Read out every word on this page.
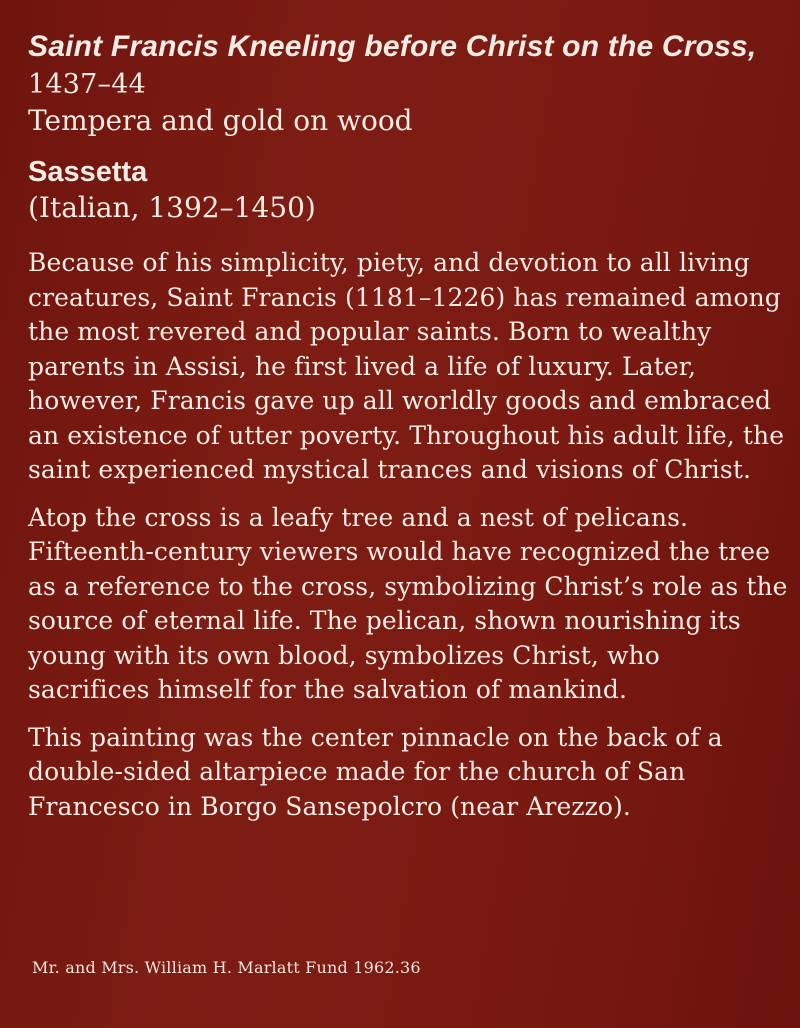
Saint Francis Kneeling before Christ on the Cross, 1437–44

Tempera and gold on wood

Sassetta

(Italian, 1392–1450)

Because of his simplicity, piety, and devotion to all living creatures, Saint Francis (1181–1226) has remained among the most revered and popular saints. Born to wealthy parents in Assisi, he first lived a life of luxury. Later, however, Francis gave up all worldly goods and embraced an existence of utter poverty. Throughout his adult life, the saint experienced mystical trances and visions of Christ.

Atop the cross is a leafy tree and a nest of pelicans. Fifteenth-century viewers would have recognized the tree as a reference to the cross, symbolizing Christ’s role as the source of eternal life. The pelican, shown nourishing its young with its own blood, symbolizes Christ, who sacrifices himself for the salvation of mankind.

This painting was the center pinnacle on the back of a double-sided altarpiece made for the church of San Francesco in Borgo Sansepolcro (near Arezzo).

Mr. and Mrs. William H. Marlatt Fund 1962.36
